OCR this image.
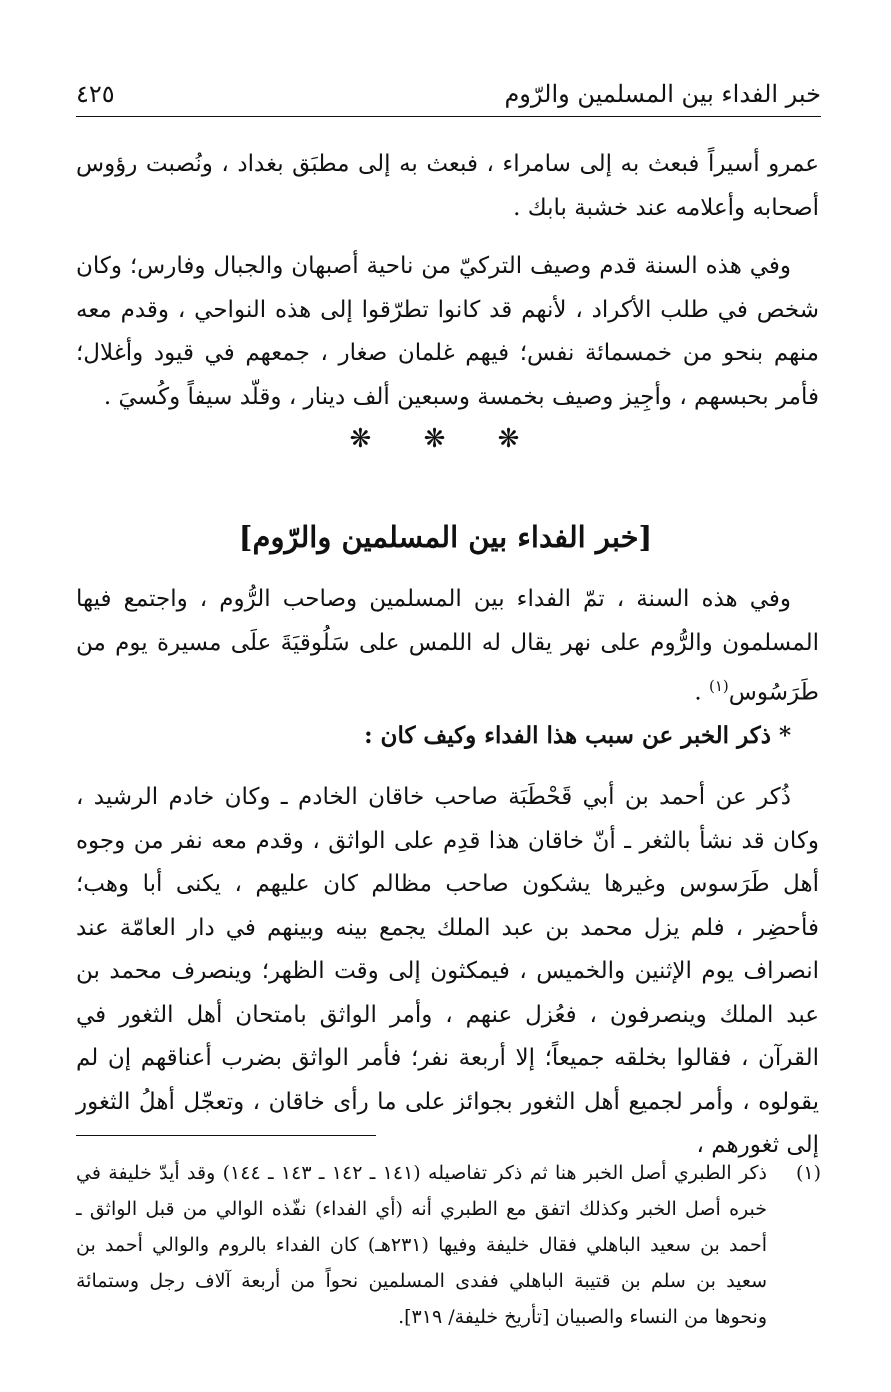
خبر الفداء بين المسلمين والرّوم
٤٢٥

عمرو أسيراً فبعث به إلى سامراء ، فبعث به إلى مطبَق بغداد ، ونُصبت رؤوس أصحابه وأعلامه عند خشبة بابك .

وفي هذه السنة قدم وصيف التركيّ من ناحية أصبهان والجبال وفارس؛ وكان شخص في طلب الأكراد ، لأنهم قد كانوا تطرّقوا إلى هذه النواحي ، وقدم معه منهم بنحو من خمسمائة نفس؛ فيهم غلمان صغار ، جمعهم في قيود وأغلال؛ فأمر بحبسهم ، وأجِيز وصيف بخمسة وسبعين ألف دينار ، وقلّد سيفاً وكُسيَ .

❋ ❋ ❋
[خبر الفداء بين المسلمين والرّوم]

وفي هذه السنة ، تمّ الفداء بين المسلمين وصاحب الرُّوم ، واجتمع فيها المسلمون والرُّوم على نهر يقال له اللمس على سَلُوقيَةَ علَى مسيرة يوم من طَرَسُوس$^{(١)}$ .

* ذكر الخبر عن سبب هذا الفداء وكيف كان :

ذُكر عن أحمد بن أبي قَحْطَبَة صاحب خاقان الخادم ـ وكان خادم الرشيد ، وكان قد نشأ بالثغر ـ أنّ خاقان هذا قدِم على الواثق ، وقدم معه نفر من وجوه أهل طَرَسوس وغيرها يشكون صاحب مظالم كان عليهم ، يكنى أبا وهب؛ فأحضِر ، فلم يزل محمد بن عبد الملك يجمع بينه وبينهم في دار العامّة عند انصراف يوم الإثنين والخميس ، فيمكثون إلى وقت الظهر؛ وينصرف محمد بن عبد الملك وينصرفون ، فعُزل عنهم ، وأمر الواثق بامتحان أهل الثغور في القرآن ، فقالوا بخلقه جميعاً؛ إلا أربعة نفر؛ فأمر الواثق بضرب أعناقهم إن لم يقولوه ، وأمر لجميع أهل الثغور بجوائز على ما رأى خاقان ، وتعجّل أهلُ الثغور إلى ثغورهم ،

(١)
ذكر الطبري أصل الخبر هنا ثم ذكر تفاصيله (١٤١ ـ ١٤٢ ـ ١٤٣ ـ ١٤٤) وقد أيدّ خليفة في خبره أصل الخبر وكذلك اتفق مع الطبري أنه (أي الفداء) نفّذه الوالي من قبل الواثق ـ أحمد بن سعيد الباهلي فقال خليفة وفيها (٢٣١هـ) كان الفداء بالروم والوالي أحمد بن سعيد بن سلم بن قتيبة الباهلي ففدى المسلمين نحواً من أربعة آلاف رجل وستمائة ونحوها من النساء والصبيان [تأريخ خليفة/ ٣١٩].
